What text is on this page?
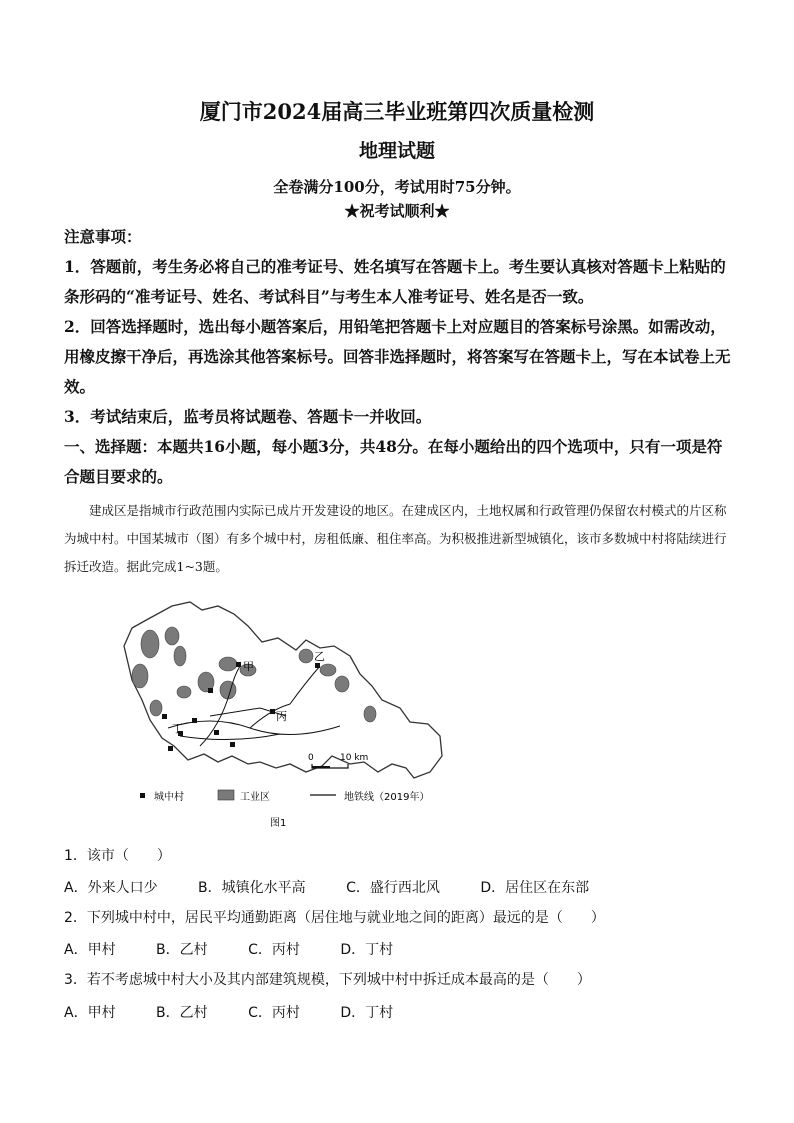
厦门市2024届高三毕业班第四次质量检测
地理试题
全卷满分100分，考试用时75分钟。
★祝考试顺利★

注意事项：

1．答题前，考生务必将自己的准考证号、姓名填写在答题卡上。考生要认真核对答题卡上粘贴的条形码的“准考证号、姓名、考试科目”与考生本人准考证号、姓名是否一致。

2．回答选择题时，选出每小题答案后，用铅笔把答题卡上对应题目的答案标号涂黑。如需改动，用橡皮擦干净后，再选涂其他答案标号。回答非选择题时，将答案写在答题卡上，写在本试卷上无效。

3．考试结束后，监考员将试题卷、答题卡一并收回。

一、选择题：本题共16小题，每小题3分，共48分。在每小题给出的四个选项中，只有一项是符合题目要求的。

建成区是指城市行政范围内实际已成片开发建设的地区。在建成区内，土地权属和行政管理仍保留农村模式的片区称为城中村。中国某城市（图）有多个城中村，房租低廉、租住率高。为积极推进新型城镇化，该市多数城中村将陆续进行拆迁改造。据此完成1~3题。
甲
乙
丙
丁
0	10 km
城中村	工业区	地铁线（2019年）
图1
1．该市（　　）
A．外来人口少	B．城镇化水平高	C．盛行西北风	D．居住区在东部
2．下列城中村中，居民平均通勤距离（居住地与就业地之间的距离）最远的是（　　）
A．甲村	B．乙村	C．丙村	D．丁村
3．若不考虑城中村大小及其内部建筑规模，下列城中村中拆迁成本最高的是（　　）
A．甲村	B．乙村	C．丙村	D．丁村
